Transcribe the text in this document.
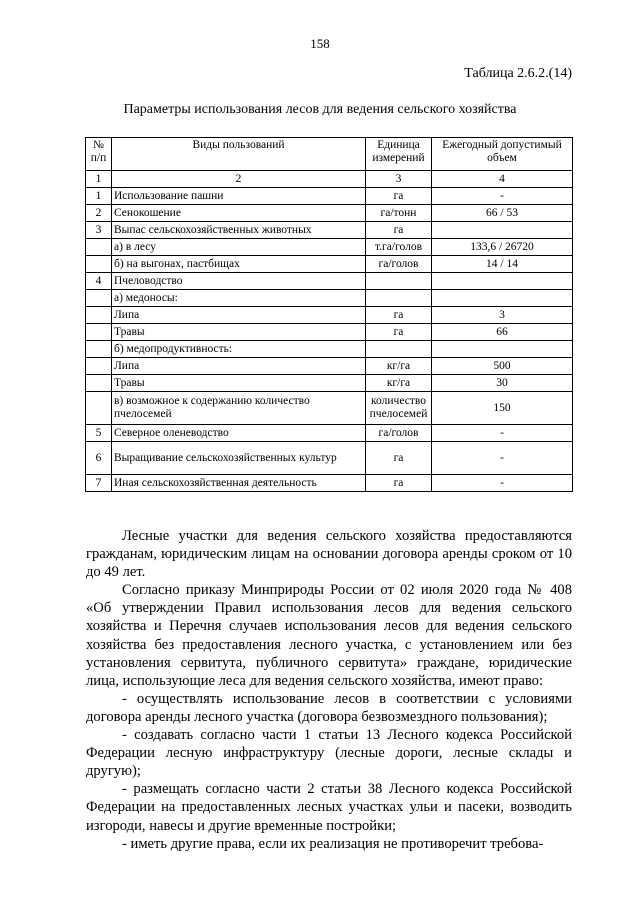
158
Таблица 2.6.2.(14)
Параметры использования лесов для ведения сельского хозяйства
№ п/п	Виды пользований	Единица измерений	Ежегодный допустимый объем
1	2	3	4
1	Использование пашни	га	-
2	Сенокошение	га/тонн	66 / 53
3	Выпас сельскохозяйственных животных	га	
	а) в лесу	т.га/голов	133,6 / 26720
	б) на выгонах, пастбищах	га/голов	14 / 14
4	Пчеловодство		
	а) медоносы:		
	Липа	га	3
	Травы	га	66
	б) медопродуктивность:		
	Липа	кг/га	500
	Травы	кг/га	30
	в) возможное к содержанию количество пчелосемей	количество пчелосемей	150
5	Северное оленеводство	га/голов	-
6	Выращивание сельскохозяйственных культур	га	-
7	Иная сельскохозяйственная деятельность	га	-

Лесные участки для ведения сельского хозяйства предоставляются гражданам, юридическим лицам на основании договора аренды сроком от 10 до 49 лет.

Согласно приказу Минприроды России от 02 июля 2020 года № 408 «Об утверждении Правил использования лесов для ведения сельского хозяйства и Перечня случаев использования лесов для ведения сельского хозяйства без предоставления лесного участка, с установлением или без установления сервитута, публичного сервитута» граждане, юридические лица, использующие леса для ведения сельского хозяйства, имеют право:

- осуществлять использование лесов в соответствии с условиями договора аренды лесного участка (договора безвозмездного пользования);

- создавать согласно части 1 статьи 13 Лесного кодекса Российской Федерации лесную инфраструктуру (лесные дороги, лесные склады и другую);

- размещать согласно части 2 статьи 38 Лесного кодекса Российской Федерации на предоставленных лесных участках ульи и пасеки, возводить изгороди, навесы и другие временные постройки;

- иметь другие права, если их реализация не противоречит требова-
